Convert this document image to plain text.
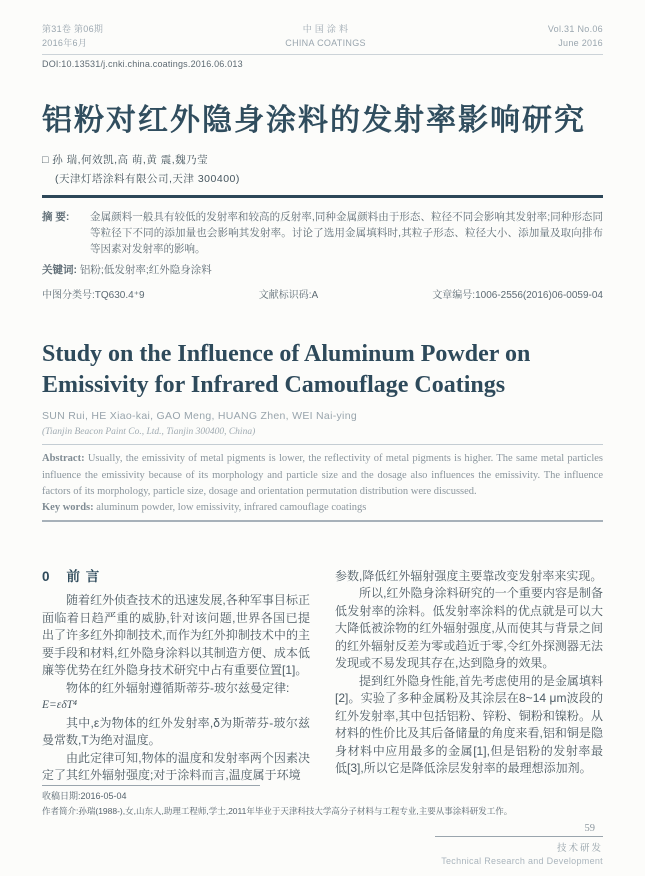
第31卷 第06期
2016年6月
中 国 涂 料
CHINA COATINGS
Vol.31 No.06
June 2016
DOI:10.13531/j.cnki.china.coatings.2016.06.013
铝粉对红外隐身涂料的发射率影响研究
□ 孙 瑞,何效凯,高 萌,黄 震,魏乃莹
(天津灯塔涂料有限公司,天津 300400)
摘 要:	金属颜料一般具有较低的发射率和较高的反射率,同种金属颜料由于形态、粒径不同会影响其发射率;同种形态同等粒径下不同的添加量也会影响其发射率。讨论了选用金属填料时,其粒子形态、粒径大小、添加量及取向排布等因素对发射率的影响。
关键词: 铝粉;低发射率;红外隐身涂料
中图分类号:TQ630.4⁺9	文献标识码:A	文章编号:1006-2556(2016)06-0059-04
Study on the Influence of Aluminum Powder on
Emissivity for Infrared Camouflage Coatings
SUN Rui, HE Xiao-kai, GAO Meng, HUANG Zhen, WEI Nai-ying
(Tianjin Beacon Paint Co., Ltd., Tianjin 300400, China)
Abstract: Usually, the emissivity of metal pigments is lower, the reflectivity of metal pigments is higher. The same metal particles influence the emissivity because of its morphology and particle size and the dosage also influences the emissivity. The influence factors of its morphology, particle size, dosage and orientation permutation distribution were discussed.
Key words: aluminum powder, low emissivity, infrared camouflage coatings
0 前 言

随着红外侦查技术的迅速发展,各种军事目标正面临着日趋严重的威胁,针对该问题,世界各国已提出了许多红外抑制技术,而作为红外抑制技术中的主要手段和材料,红外隐身涂料以其制造方便、成本低廉等优势在红外隐身技术研究中占有重要位置[1]。

物体的红外辐射遵循斯蒂芬-玻尔兹曼定律:

E=εδT⁴

其中,ε为物体的红外发射率,δ为斯蒂芬-玻尔兹曼常数,T为绝对温度。

由此定律可知,物体的温度和发射率两个因素决定了其红外辐射强度;对于涂料而言,温度属于环境

参数,降低红外辐射强度主要靠改变发射率来实现。

所以,红外隐身涂料研究的一个重要内容是制备低发射率的涂料。低发射率涂料的优点就是可以大大降低被涂物的红外辐射强度,从而使其与背景之间的红外辐射反差为零或趋近于零,令红外探测器无法发现或不易发现其存在,达到隐身的效果。

提到红外隐身性能,首先考虑使用的是金属填料[2]。实验了多种金属粉及其涂层在8~14 μm波段的红外发射率,其中包括铝粉、锌粉、铜粉和镍粉。从材料的性价比及其后备储量的角度来看,铝和铜是隐身材料中应用最多的金属[1],但是铝粉的发射率最低[3],所以它是降低涂层发射率的最理想添加剂。

收稿日期:2016-05-04
作者简介:孙瑞(1988-),女,山东人,助理工程师,学士,2011年毕业于天津科技大学高分子材料与工程专业,主要从事涂料研发工作。
59
技术研发
Technical Research and Development
